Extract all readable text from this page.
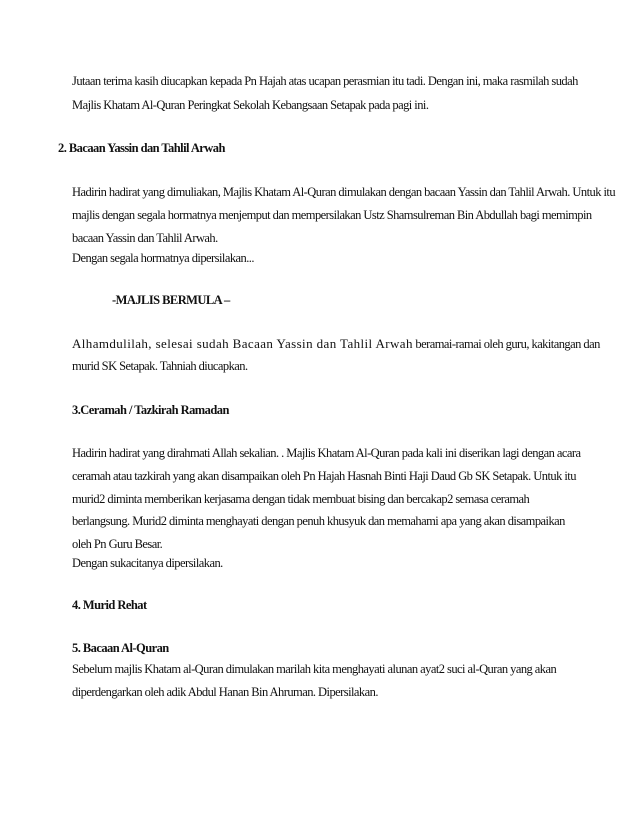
Jutaan terima kasih diucapkan kepada Pn Hajah atas ucapan perasmian itu tadi. Dengan ini, maka rasmilah sudah
Majlis Khatam Al-Quran Peringkat Sekolah Kebangsaan Setapak pada pagi ini.
2. Bacaan Yassin dan Tahlil Arwah
Hadirin hadirat yang dimuliakan, Majlis Khatam Al-Quran dimulakan dengan bacaan Yassin dan Tahlil Arwah. Untuk itu
majlis dengan segala hormatnya menjemput dan mempersilakan Ustz Shamsulreman Bin Abdullah bagi memimpin
bacaan Yassin dan Tahlil Arwah.
Dengan segala hormatnya dipersilakan...
-MAJLIS BERMULA –
Alhamdulilah, selesai sudah Bacaan Yassin dan Tahlil Arwah beramai-ramai oleh guru, kakitangan dan
murid SK Setapak. Tahniah diucapkan.
3.Ceramah / Tazkirah Ramadan
Hadirin hadirat yang dirahmati Allah sekalian. . Majlis Khatam Al-Quran pada kali ini diserikan lagi dengan acara
ceramah atau tazkirah yang akan disampaikan oleh Pn Hajah Hasnah Binti Haji Daud Gb SK Setapak. Untuk itu
murid2 diminta memberikan kerjasama dengan tidak membuat bising dan bercakap2 semasa ceramah
berlangsung. Murid2 diminta menghayati dengan penuh khusyuk dan memahami apa yang akan disampaikan
oleh Pn Guru Besar.
Dengan sukacitanya dipersilakan.
4. Murid Rehat
5. Bacaan Al-Quran
Sebelum majlis Khatam al-Quran dimulakan marilah kita menghayati alunan ayat2 suci al-Quran yang akan
diperdengarkan oleh adik Abdul Hanan Bin Ahruman. Dipersilakan.
